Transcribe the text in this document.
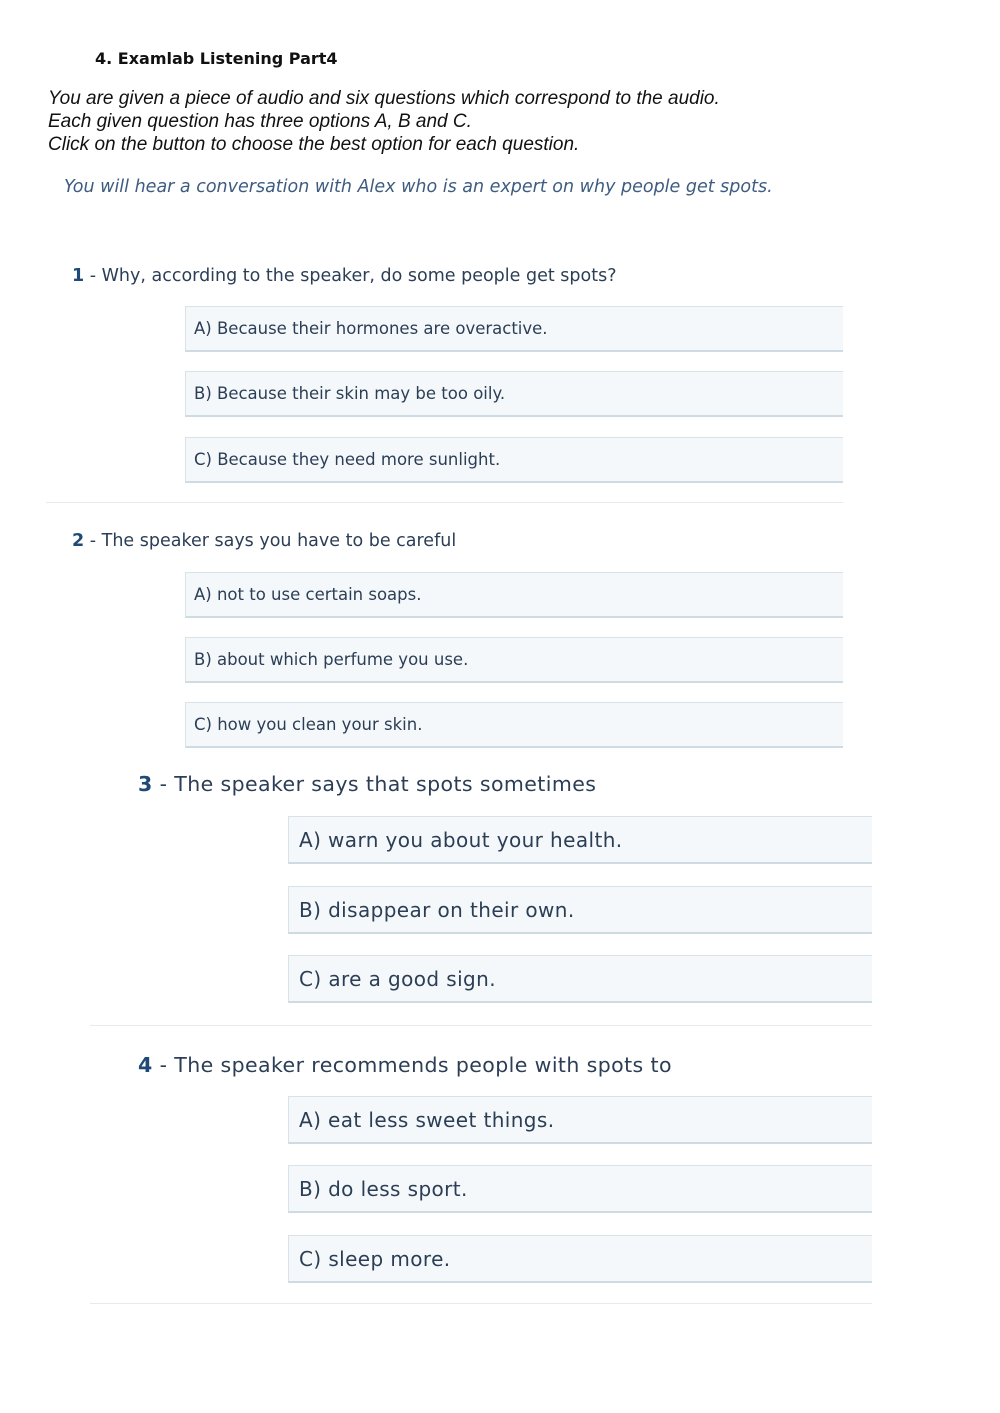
4. Examlab Listening Part4
You are given a piece of audio and six questions which correspond to the audio.
Each given question has three options A, B and C.
Click on the button to choose the best option for each question.
You will hear a conversation with Alex who is an expert on why people get spots.
1 - Why, according to the speaker, do some people get spots?
A) Because their hormones are overactive.
B) Because their skin may be too oily.
C) Because they need more sunlight.
2 - The speaker says you have to be careful
A) not to use certain soaps.
B) about which perfume you use.
C) how you clean your skin.
3 - The speaker says that spots sometimes
A) warn you about your health.
B) disappear on their own.
C) are a good sign.
4 - The speaker recommends people with spots to
A) eat less sweet things.
B) do less sport.
C) sleep more.
